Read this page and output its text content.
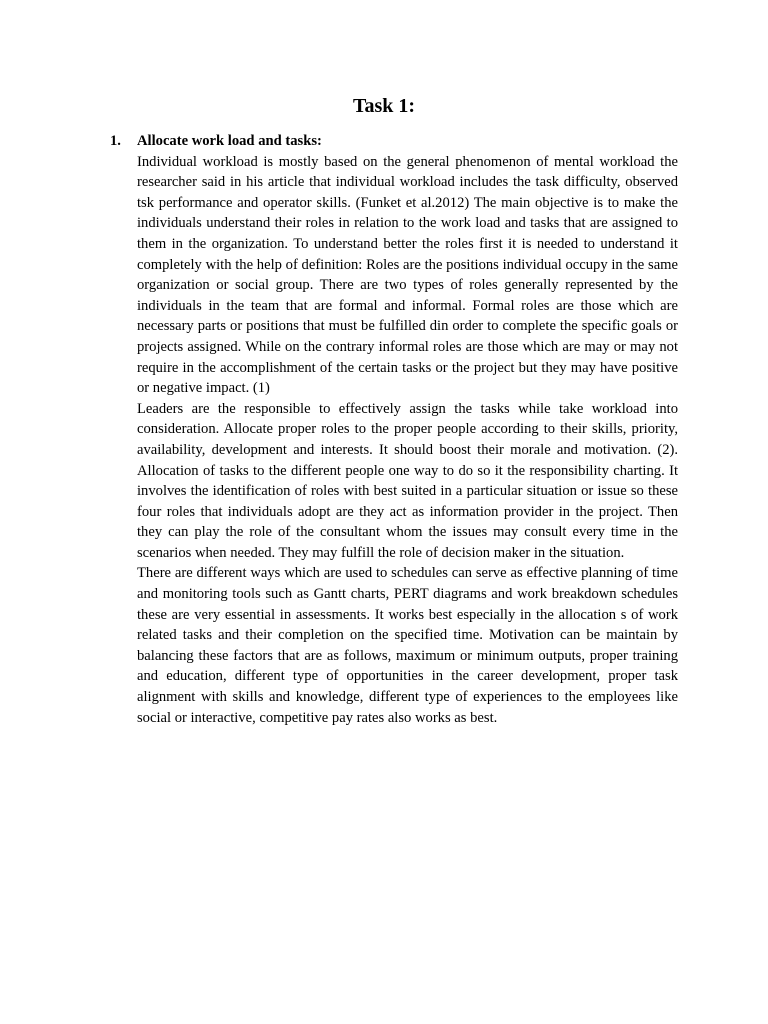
Task 1:
1. Allocate work load and tasks:

Individual workload is mostly based on the general phenomenon of mental workload the researcher said in his article that individual workload includes the task difficulty, observed tsk performance and operator skills. (Funket et al.2012) The main objective is to make the individuals understand their roles in relation to the work load and tasks that are assigned to them in the organization. To understand better the roles first it is needed to understand it completely with the help of definition: Roles are the positions individual occupy in the same organization or social group. There are two types of roles generally represented by the individuals in the team that are formal and informal. Formal roles are those which are necessary parts or positions that must be fulfilled din order to complete the specific goals or projects assigned. While on the contrary informal roles are those which are may or may not require in the accomplishment of the certain tasks or the project but they may have positive or negative impact. (1)

Leaders are the responsible to effectively assign the tasks while take workload into consideration. Allocate proper roles to the proper people according to their skills, priority, availability, development and interests. It should boost their morale and motivation. (2). Allocation of tasks to the different people one way to do so it the responsibility charting. It involves the identification of roles with best suited in a particular situation or issue so these four roles that individuals adopt are they act as information provider in the project. Then they can play the role of the consultant whom the issues may consult every time in the scenarios when needed. They may fulfill the role of decision maker in the situation.

There are different ways which are used to schedules can serve as effective planning of time and monitoring tools such as Gantt charts, PERT diagrams and work breakdown schedules these are very essential in assessments. It works best especially in the allocation s of work related tasks and their completion on the specified time. Motivation can be maintain by balancing these factors that are as follows, maximum or minimum outputs, proper training and education, different type of opportunities in the career development, proper task alignment with skills and knowledge, different type of experiences to the employees like social or interactive, competitive pay rates also works as best.
